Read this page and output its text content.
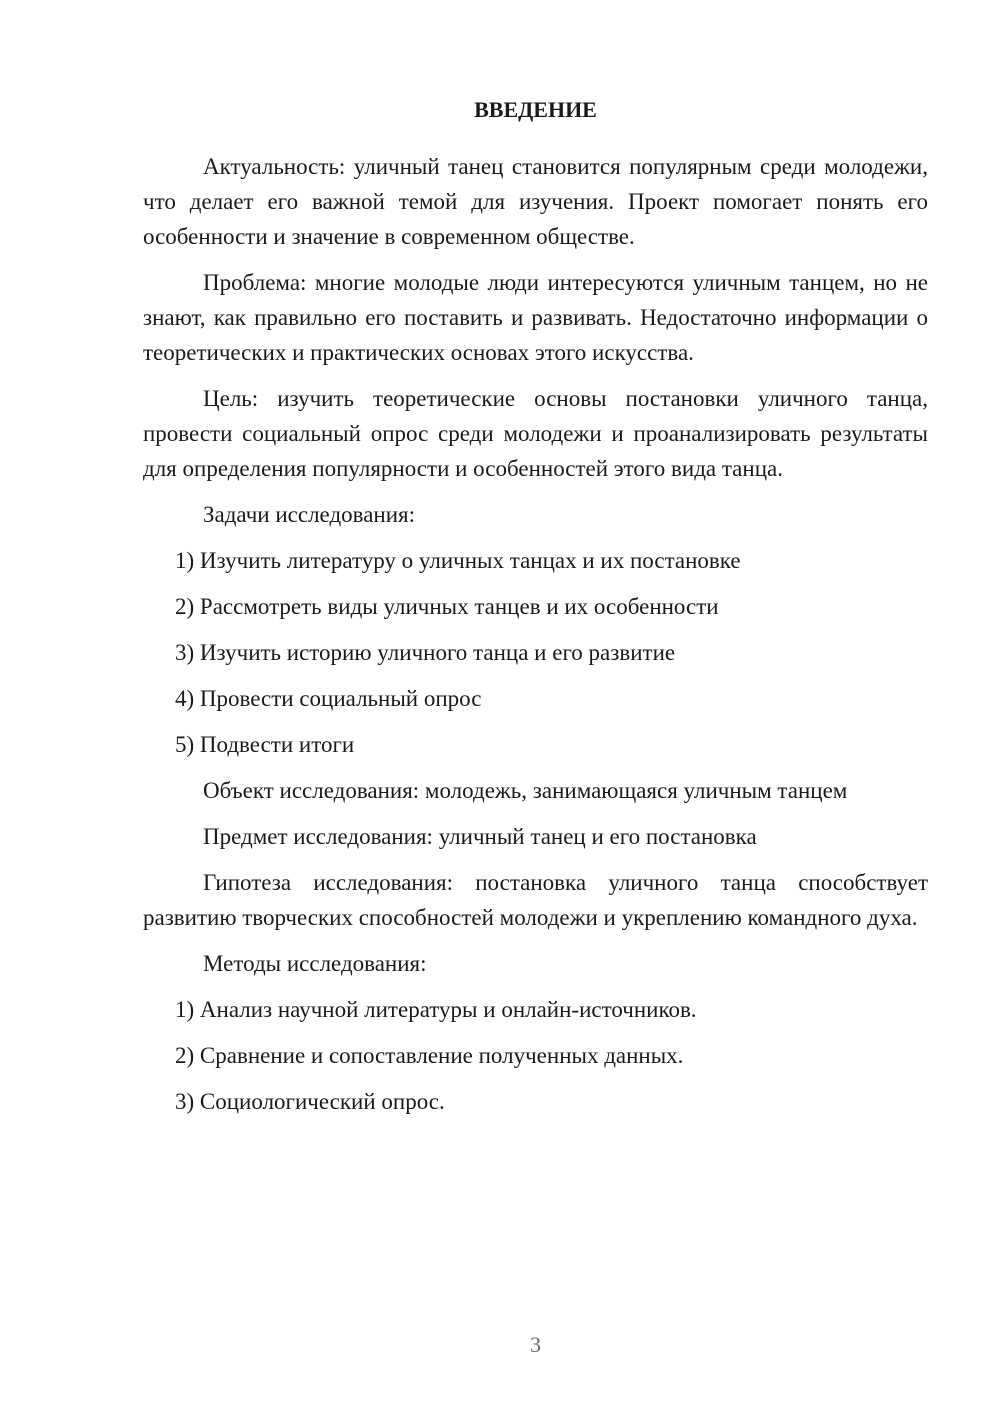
ВВЕДЕНИЕ

Актуальность: уличный танец становится популярным среди молодежи, что делает его важной темой для изучения. Проект помогает понять его особенности и значение в современном обществе.

Проблема: многие молодые люди интересуются уличным танцем, но не знают, как правильно его поставить и развивать. Недостаточно информации о теоретических и практических основах этого искусства.

Цель: изучить теоретические основы постановки уличного танца, провести социальный опрос среди молодежи и проанализировать результаты для определения популярности и особенностей этого вида танца.

Задачи исследования:
1) Изучить литературу о уличных танцах и их постановке
2) Рассмотреть виды уличных танцев и их особенности
3) Изучить историю уличного танца и его развитие
4) Провести социальный опрос
5) Подвести итоги
Объект исследования: молодежь, занимающаяся уличным танцем
Предмет исследования: уличный танец и его постановка

Гипотеза исследования: постановка уличного танца способствует развитию творческих способностей молодежи и укреплению командного духа.

Методы исследования:
1) Анализ научной литературы и онлайн-источников.
2) Сравнение и сопоставление полученных данных.
3) Социологический опрос.
3
